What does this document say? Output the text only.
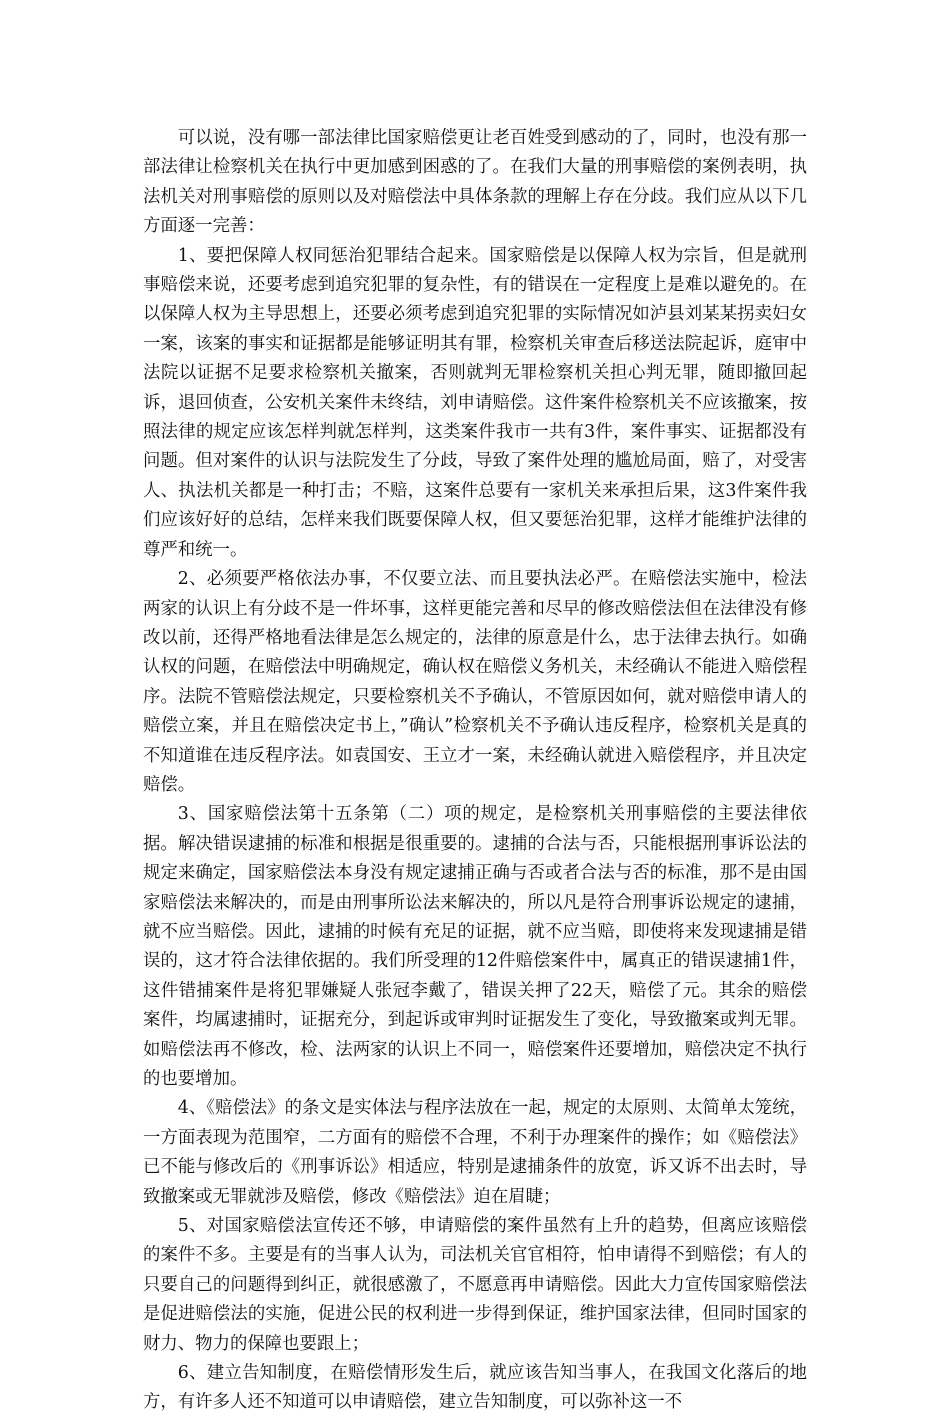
可以说，没有哪一部法律比国家赔偿更让老百姓受到感动的了，同时，也没有那一部法律让检察机关在执行中更加感到困惑的了。在我们大量的刑事赔偿的案例表明，执法机关对刑事赔偿的原则以及对赔偿法中具体条款的理解上存在分歧。我们应从以下几方面逐一完善：

1、要把保障人权同惩治犯罪结合起来。国家赔偿是以保障人权为宗旨，但是就刑事赔偿来说，还要考虑到追究犯罪的复杂性，有的错误在一定程度上是难以避免的。在以保障人权为主导思想上，还要必须考虑到追究犯罪的实际情况如泸县刘某某拐卖妇女一案，该案的事实和证据都是能够证明其有罪，检察机关审查后移送法院起诉，庭审中法院以证据不足要求检察机关撤案，否则就判无罪检察机关担心判无罪，随即撤回起诉，退回侦查，公安机关案件未终结，刘申请赔偿。这件案件检察机关不应该撤案，按照法律的规定应该怎样判就怎样判，这类案件我市一共有3件，案件事实、证据都没有问题。但对案件的认识与法院发生了分歧，导致了案件处理的尴尬局面，赔了，对受害人、执法机关都是一种打击；不赔，这案件总要有一家机关来承担后果，这3件案件我们应该好好的总结，怎样来我们既要保障人权，但又要惩治犯罪，这样才能维护法律的尊严和统一。

2、必须要严格依法办事，不仅要立法、而且要执法必严。在赔偿法实施中，检法两家的认识上有分歧不是一件坏事，这样更能完善和尽早的修改赔偿法但在法律没有修改以前，还得严格地看法律是怎么规定的，法律的原意是什么，忠于法律去执行。如确认权的问题，在赔偿法中明确规定，确认权在赔偿义务机关，未经确认不能进入赔偿程序。法院不管赔偿法规定，只要检察机关不予确认，不管原因如何，就对赔偿申请人的赔偿立案，并且在赔偿决定书上，”确认”检察机关不予确认违反程序，检察机关是真的不知道谁在违反程序法。如袁国安、王立才一案，未经确认就进入赔偿程序，并且决定赔偿。

3、国家赔偿法第十五条第（二）项的规定，是检察机关刑事赔偿的主要法律依据。解决错误逮捕的标准和根据是很重要的。逮捕的合法与否，只能根据刑事诉讼法的规定来确定，国家赔偿法本身没有规定逮捕正确与否或者合法与否的标准，那不是由国家赔偿法来解决的，而是由刑事所讼法来解决的，所以凡是符合刑事诉讼规定的逮捕，就不应当赔偿。因此，逮捕的时候有充足的证据，就不应当赔，即使将来发现逮捕是错误的，这才符合法律依据的。我们所受理的12件赔偿案件中，属真正的错误逮捕1件，这件错捕案件是将犯罪嫌疑人张冠李戴了，错误关押了22天，赔偿了元。其余的赔偿案件，均属逮捕时，证据充分，到起诉或审判时证据发生了变化，导致撤案或判无罪。如赔偿法再不修改，检、法两家的认识上不同一，赔偿案件还要增加，赔偿决定不执行的也要增加。

4、《赔偿法》的条文是实体法与程序法放在一起，规定的太原则、太简单太笼统，一方面表现为范围窄，二方面有的赔偿不合理，不利于办理案件的操作；如《赔偿法》已不能与修改后的《刑事诉讼》相适应，特别是逮捕条件的放宽，诉又诉不出去时，导致撤案或无罪就涉及赔偿，修改《赔偿法》迫在眉睫；

5、对国家赔偿法宣传还不够，申请赔偿的案件虽然有上升的趋势，但离应该赔偿的案件不多。主要是有的当事人认为，司法机关官官相符，怕申请得不到赔偿；有人的只要自己的问题得到纠正，就很感激了，不愿意再申请赔偿。因此大力宣传国家赔偿法是促进赔偿法的实施，促进公民的权利进一步得到保证，维护国家法律，但同时国家的财力、物力的保障也要跟上；

6、建立告知制度，在赔偿情形发生后，就应该告知当事人，在我国文化落后的地方，有许多人还不知道可以申请赔偿，建立告知制度，可以弥补这一不
